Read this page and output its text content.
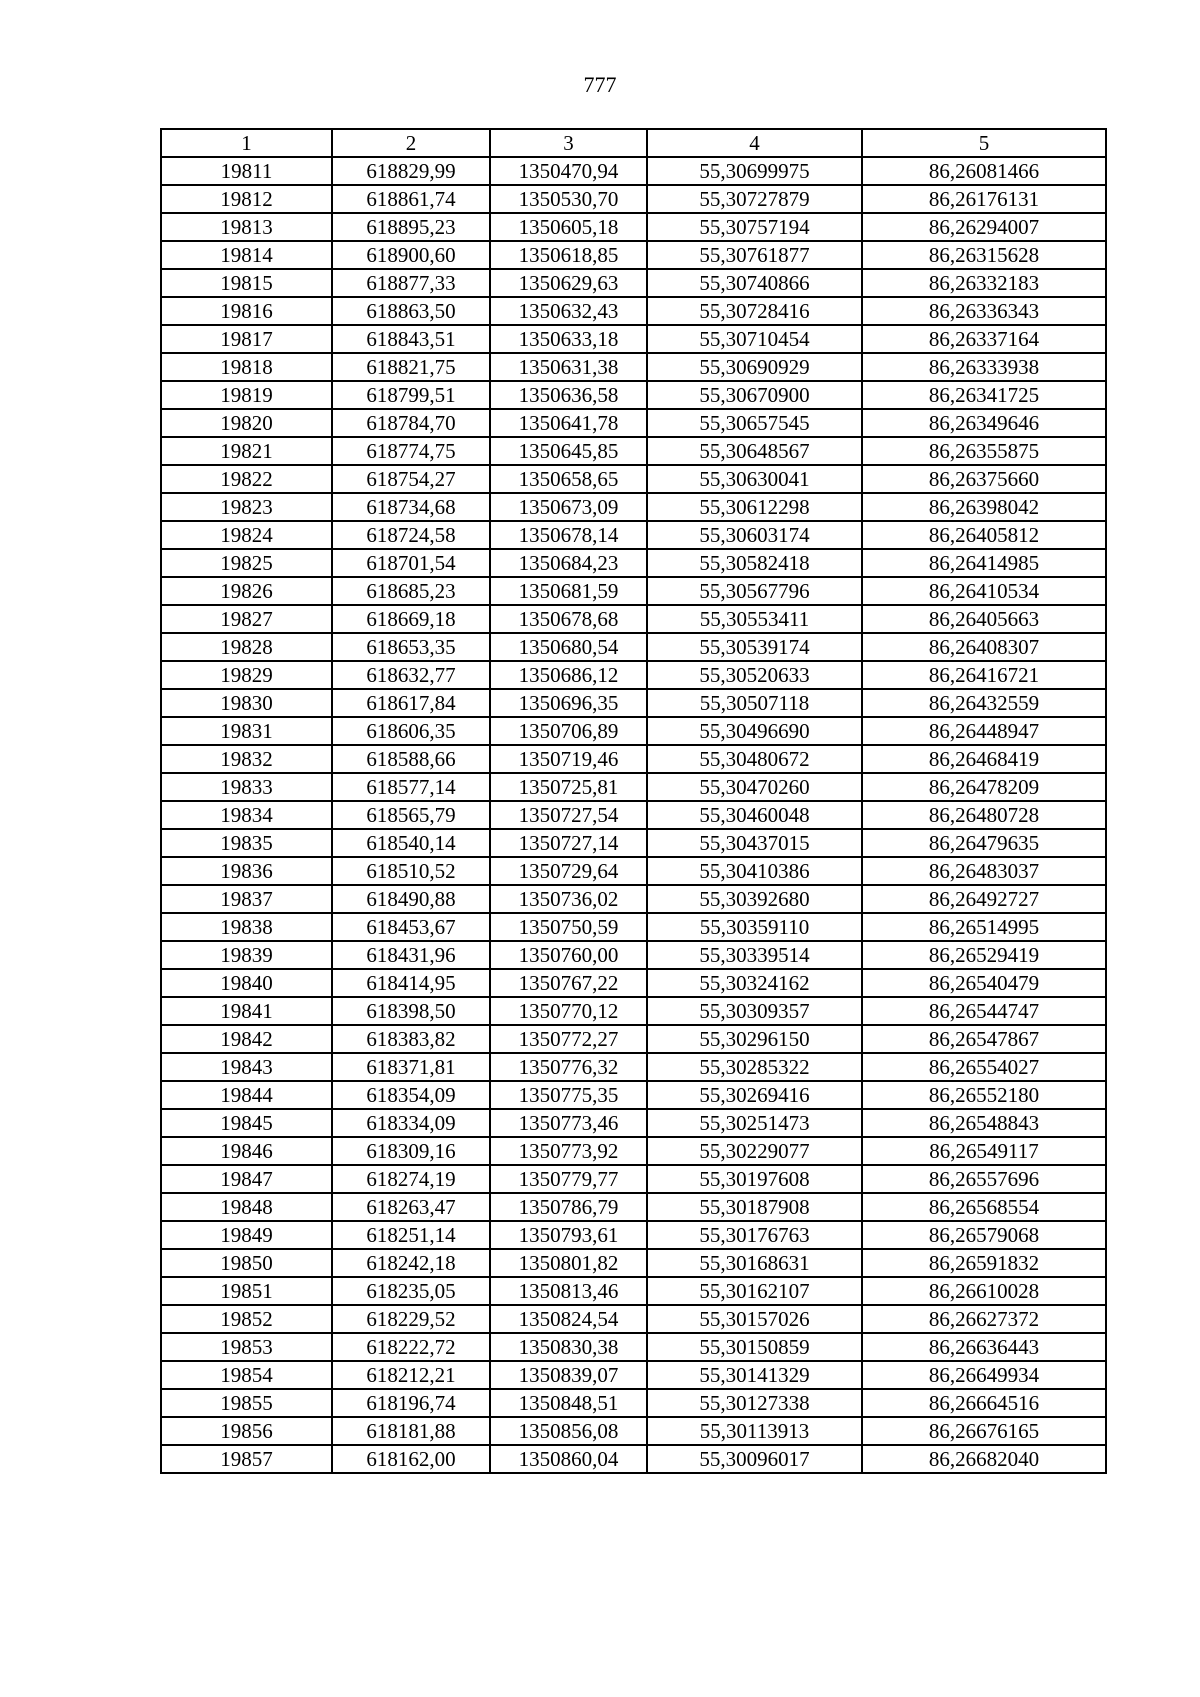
777
1	2	3	4	5
19811	618829,99	1350470,94	55,30699975	86,26081466
19812	618861,74	1350530,70	55,30727879	86,26176131
19813	618895,23	1350605,18	55,30757194	86,26294007
19814	618900,60	1350618,85	55,30761877	86,26315628
19815	618877,33	1350629,63	55,30740866	86,26332183
19816	618863,50	1350632,43	55,30728416	86,26336343
19817	618843,51	1350633,18	55,30710454	86,26337164
19818	618821,75	1350631,38	55,30690929	86,26333938
19819	618799,51	1350636,58	55,30670900	86,26341725
19820	618784,70	1350641,78	55,30657545	86,26349646
19821	618774,75	1350645,85	55,30648567	86,26355875
19822	618754,27	1350658,65	55,30630041	86,26375660
19823	618734,68	1350673,09	55,30612298	86,26398042
19824	618724,58	1350678,14	55,30603174	86,26405812
19825	618701,54	1350684,23	55,30582418	86,26414985
19826	618685,23	1350681,59	55,30567796	86,26410534
19827	618669,18	1350678,68	55,30553411	86,26405663
19828	618653,35	1350680,54	55,30539174	86,26408307
19829	618632,77	1350686,12	55,30520633	86,26416721
19830	618617,84	1350696,35	55,30507118	86,26432559
19831	618606,35	1350706,89	55,30496690	86,26448947
19832	618588,66	1350719,46	55,30480672	86,26468419
19833	618577,14	1350725,81	55,30470260	86,26478209
19834	618565,79	1350727,54	55,30460048	86,26480728
19835	618540,14	1350727,14	55,30437015	86,26479635
19836	618510,52	1350729,64	55,30410386	86,26483037
19837	618490,88	1350736,02	55,30392680	86,26492727
19838	618453,67	1350750,59	55,30359110	86,26514995
19839	618431,96	1350760,00	55,30339514	86,26529419
19840	618414,95	1350767,22	55,30324162	86,26540479
19841	618398,50	1350770,12	55,30309357	86,26544747
19842	618383,82	1350772,27	55,30296150	86,26547867
19843	618371,81	1350776,32	55,30285322	86,26554027
19844	618354,09	1350775,35	55,30269416	86,26552180
19845	618334,09	1350773,46	55,30251473	86,26548843
19846	618309,16	1350773,92	55,30229077	86,26549117
19847	618274,19	1350779,77	55,30197608	86,26557696
19848	618263,47	1350786,79	55,30187908	86,26568554
19849	618251,14	1350793,61	55,30176763	86,26579068
19850	618242,18	1350801,82	55,30168631	86,26591832
19851	618235,05	1350813,46	55,30162107	86,26610028
19852	618229,52	1350824,54	55,30157026	86,26627372
19853	618222,72	1350830,38	55,30150859	86,26636443
19854	618212,21	1350839,07	55,30141329	86,26649934
19855	618196,74	1350848,51	55,30127338	86,26664516
19856	618181,88	1350856,08	55,30113913	86,26676165
19857	618162,00	1350860,04	55,30096017	86,26682040
